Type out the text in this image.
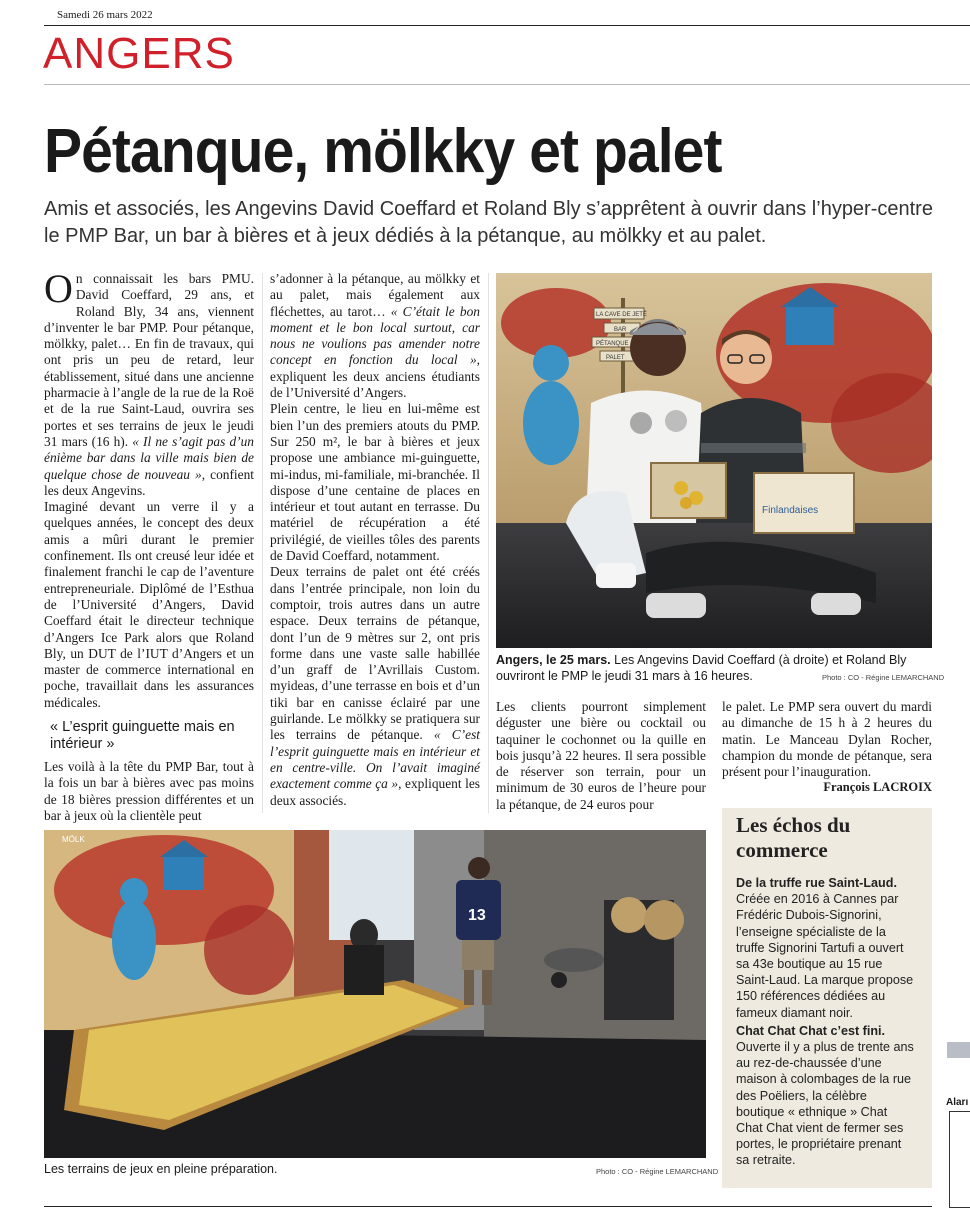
Samedi 26 mars 2022
ANGERS
Pétanque, mölkky et palet
Amis et associés, les Angevins David Coeffard et Roland Bly s’apprêtent à ouvrir dans l’hyper-centre le PMP Bar, un bar à bières et à jeux dédiés à la pétanque, au mölkky et au palet.

On connaissait les bars PMU. David Coeffard, 29 ans, et Roland Bly, 34 ans, viennent d’inventer le bar PMP. Pour pétanque, mölkky, palet… En fin de travaux, qui ont pris un peu de retard, leur établissement, situé dans une ancienne pharmacie à l’angle de la rue de la Roë et de la rue Saint-Laud, ouvrira ses portes et ses terrains de jeux le jeudi 31 mars (16 h). « Il ne s’agit pas d’un énième bar dans la ville mais bien de quelque chose de nouveau », confient les deux Angevins.

Imaginé devant un verre il y a quelques années, le concept des deux amis a mûri durant le premier confinement. Ils ont creusé leur idée et finalement franchi le cap de l’aventure entrepreneuriale. Diplômé de l’Esthua de l’Université d’Angers, David Coeffard était le directeur technique d’Angers Ice Park alors que Roland Bly, un DUT de l’IUT d’Angers et un master de commerce international en poche, travaillait dans les assurances médicales.

« L’esprit guinguette mais en intérieur »

Les voilà à la tête du PMP Bar, tout à la fois un bar à bières avec pas moins de 18 bières pression différentes et un bar à jeux où la clientèle peut

s’adonner à la pétanque, au mölkky et au palet, mais également aux fléchettes, au tarot… « C’était le bon moment et le bon local surtout, car nous ne voulions pas amender notre concept en fonction du local », expliquent les deux anciens étudiants de l’Université d’Angers.

Plein centre, le lieu en lui-même est bien l’un des premiers atouts du PMP. Sur 250 m², le bar à bières et jeux propose une ambiance mi-guinguette, mi-indus, mi-familiale, mi-branchée. Il dispose d’une centaine de places en intérieur et tout autant en terrasse. Du matériel de récupération a été privilégié, de vieilles tôles des parents de David Coeffard, notamment.

Deux terrains de palet ont été créés dans l’entrée principale, non loin du comptoir, trois autres dans un autre espace. Deux terrains de pétanque, dont l’un de 9 mètres sur 2, ont pris forme dans une vaste salle habillée d’un graff de l’Avrillais Custom. myideas, d’une terrasse en bois et d’un tiki bar en canisse éclairé par une guirlande. Le mölkky se pratiquera sur les terrains de pétanque. « C’est l’esprit guinguette mais en intérieur et en centre-ville. On l’avait imaginé exactement comme ça », expliquent les deux associés.

LA CAVE DE JETÉ
BAR
PÉTANQUE
PALET
Finlandaises
Angers, le 25 mars. Les Angevins David Coeffard (à droite) et Roland Bly ouvriront le PMP le jeudi 31 mars à 16 heures.	Photo : CO - Régine LEMARCHAND

Les clients pourront simplement déguster une bière ou cocktail ou taquiner le cochonnet ou la quille en bois jusqu’à 22 heures. Il sera possible de réserver son terrain, pour un minimum de 30 euros de l’heure pour la pétanque, de 24 euros pour

le palet. Le PMP sera ouvert du mardi au dimanche de 15 h à 2 heures du matin. Le Manceau Dylan Rocher, champion du monde de pétanque, sera présent pour l’inauguration.

François LACROIX
MÖLK
13
Les terrains de jeux en pleine préparation.	Photo : CO - Régine LEMARCHAND
Les échos du commerce

De la truffe rue Saint-Laud. Créée en 2016 à Cannes par Frédéric Dubois-Signorini, l’enseigne spécialiste de la truffe Signorini Tartufi a ouvert sa 43e boutique au 15 rue Saint-Laud. La marque propose 150 références dédiées au fameux diamant noir.

Chat Chat Chat c’est fini. Ouverte il y a plus de trente ans au rez-de-chaussée d’une maison à colombages de la rue des Poëliers, la célèbre boutique « ethnique » Chat Chat Chat vient de fermer ses portes, le propriétaire prenant sa retraite.

Aları
